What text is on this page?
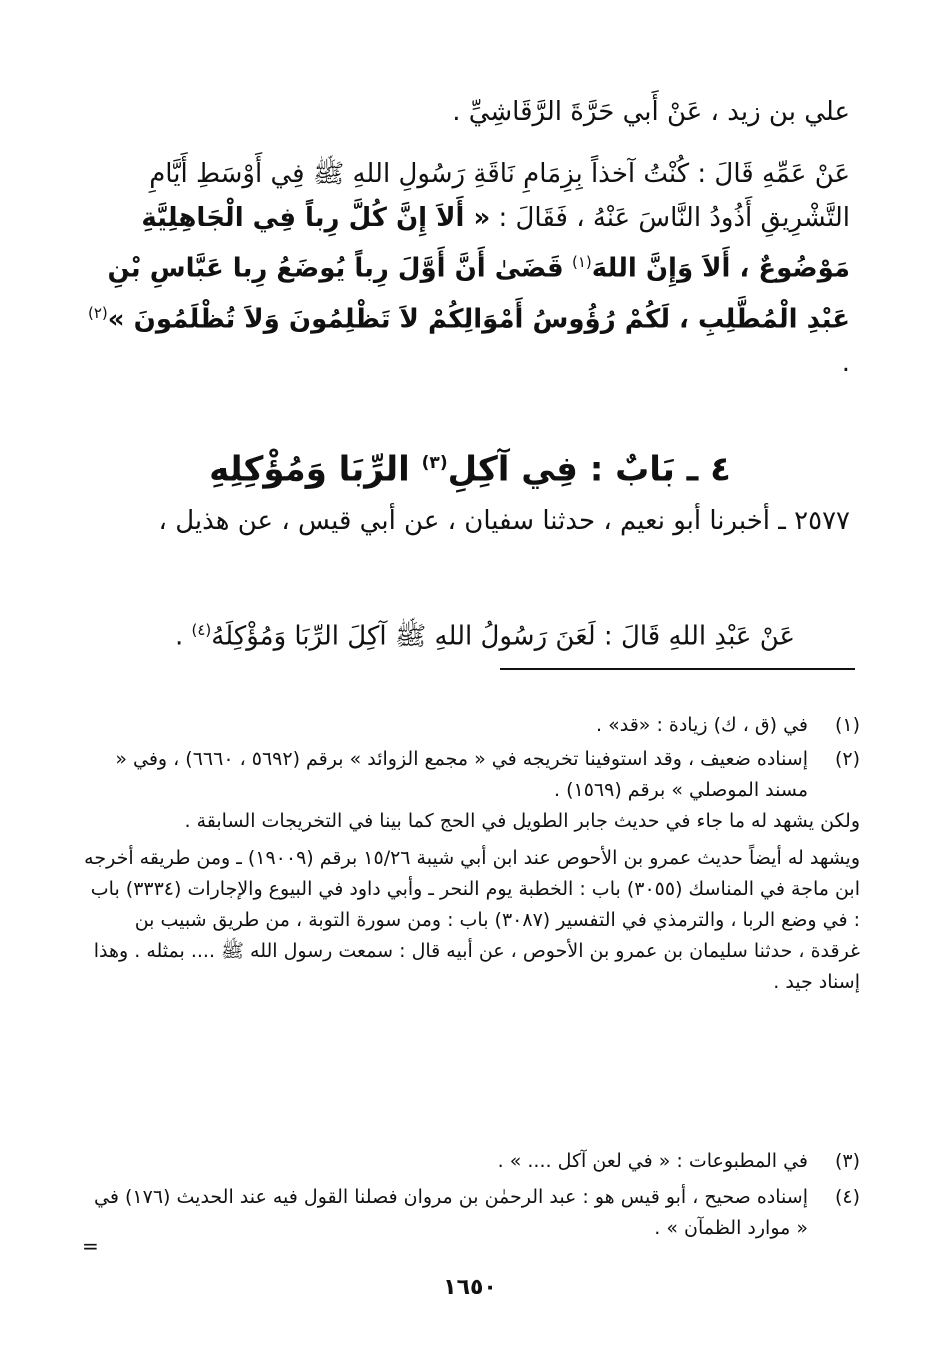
علي بن زيد ، عَنْ أَبي حَرَّةَ الرَّقَاشِيِّ .
عَنْ عَمِّهِ قَالَ : كُنْتُ آخذاً بِزِمَامِ نَاقَةِ رَسُولِ اللهِ ﷺ فِي أَوْسَطِ أَيَّامِ التَّشْرِيقِ أَذُودُ النَّاسَ عَنْهُ ، فَقَالَ : « أَلاَ إِنَّ كُلَّ رِباً فِي الْجَاهِلِيَّةِ مَوْضُوعٌ ، أَلاَ وَإِنَّ اللهَ$^{(١)}$ قَضَىٰ أَنَّ أَوَّلَ رِباً يُوضَعُ رِبا عَبَّاسِ بْنِ عَبْدِ الْمُطَّلِبِ ، لَكُمْ رُؤُوسُ أَمْوَالِكُمْ لاَ تَظْلِمُونَ وَلاَ تُظْلَمُونَ »$^{(٢)}$ .
٤ ـ بَابٌ : فِي آكِلِ$^{(٣)}$ الرِّبَا وَمُؤْكِلِهِ
٢٥٧٧ ـ أخبرنا أبو نعيم ، حدثنا سفيان ، عن أبي قيس ، عن هذيل ،
عَنْ عَبْدِ اللهِ قَالَ : لَعَنَ رَسُولُ اللهِ ﷺ آكِلَ الرِّبَا وَمُؤْكِلَهُ$^{(٤)}$ .
(١)
في (ق ، ك) زيادة : «قد» .
(٢)
إسناده ضعيف ، وقد استوفينا تخريجه في « مجمع الزوائد » برقم (٥٦٩٢ ، ٦٦٦٠) ، وفي « مسند الموصلي » برقم (١٥٦٩) .
ولكن يشهد له ما جاء في حديث جابر الطويل في الحج كما بينا في التخريجات السابقة .
ويشهد له أيضاً حديث عمرو بن الأحوص عند ابن أبي شيبة ١٥/٢٦ برقم (١٩٠٠٩) ـ ومن طريقه أخرجه ابن ماجة في المناسك (٣٠٥٥) باب : الخطبة يوم النحر ـ وأبي داود في البيوع والإجارات (٣٣٣٤) باب : في وضع الربا ، والترمذي في التفسير (٣٠٨٧) باب : ومن سورة التوبة ، من طريق شبيب بن غرقدة ، حدثنا سليمان بن عمرو بن الأحوص ، عن أبيه قال : سمعت رسول الله ﷺ .... بمثله . وهذا إسناد جيد .
(٣)
في المطبوعات : « في لعن آكل .... » .
(٤)
إسناده صحيح ، أبو قيس هو : عبد الرحمٰن بن مروان فصلنا القول فيه عند الحديث (١٧٦) في « موارد الظمآن » .
=
١٦٥٠
